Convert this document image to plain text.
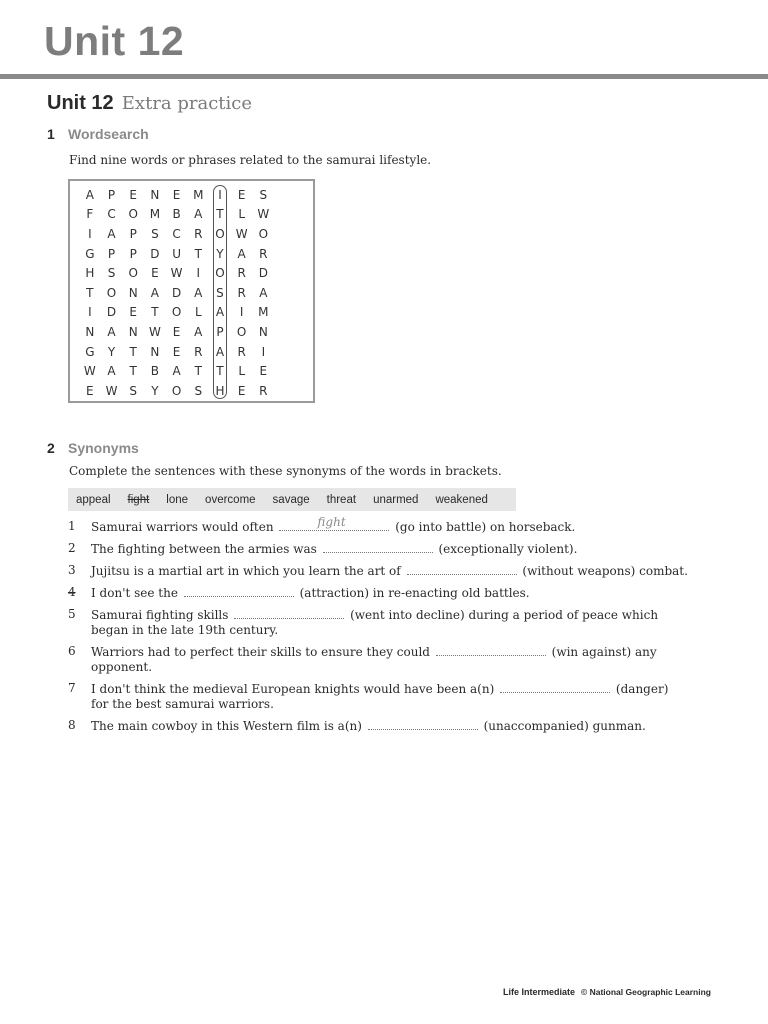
Unit 12
Unit 12 Extra practice
1 Wordsearch
Find nine words or phrases related to the samurai lifestyle.
A	P	E	N	E	M	I	E	S
F	C	O	M	B	A	T	L	W
I	A	P	S	C	R	O	W	O
G	P	P	D	U	T	Y	A	R
H	S	O	E	W	I	O	R	D
T	O	N	A	D	A	S	R	A
I	D	E	T	O	L	A	I	M
N	A	N	W	E	A	P	O	N
G	Y	T	N	E	R	A	R	I
W	A	T	B	A	T	T	L	E
E	W	S	Y	O	S	H	E	R
2 Synonyms
Complete the sentences with these synonyms of the words in brackets.
appeal fight lone overcome savage threat unarmed weakened
1 Samurai warriors would often	fight	(go into battle) on horseback.
2 The fighting between the armies was	(exceptionally violent).
3 Jujitsu is a martial art in which you learn the art of	(without weapons) combat.
4 I don't see the	(attraction) in re-enacting old battles.
5 Samurai fighting skills	(went into decline) during a period of peace which began in the late 19th century.
6 Warriors had to perfect their skills to ensure they could	(win against) any opponent.
7 I don't think the medieval European knights would have been a(n)	(danger) for the best samurai warriors.
8 The main cowboy in this Western film is a(n)	(unaccompanied) gunman.
Life Intermediate © National Geographic Learning
